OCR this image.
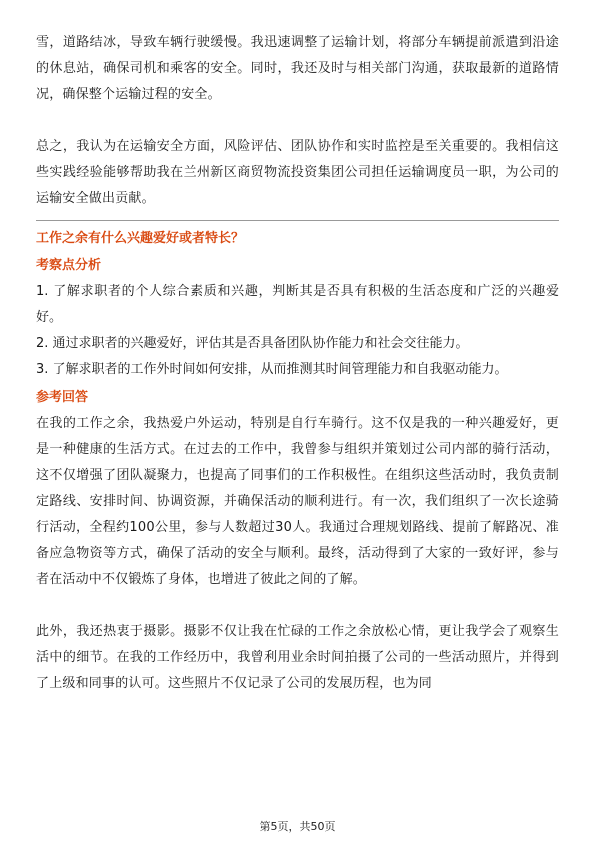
雪，道路结冰，导致车辆行驶缓慢。我迅速调整了运输计划，将部分车辆提前派遣到沿途的休息站，确保司机和乘客的安全。同时，我还及时与相关部门沟通，获取最新的道路情况，确保整个运输过程的安全。

总之，我认为在运输安全方面，风险评估、团队协作和实时监控是至关重要的。我相信这些实践经验能够帮助我在兰州新区商贸物流投资集团公司担任运输调度员一职，为公司的运输安全做出贡献。

工作之余有什么兴趣爱好或者特长？
考察点分析
1. 了解求职者的个人综合素质和兴趣，判断其是否具有积极的生活态度和广泛的兴趣爱好。
2. 通过求职者的兴趣爱好，评估其是否具备团队协作能力和社会交往能力。
3. 了解求职者的工作外时间如何安排，从而推测其时间管理能力和自我驱动能力。
参考回答

在我的工作之余，我热爱户外运动，特别是自行车骑行。这不仅是我的一种兴趣爱好，更是一种健康的生活方式。在过去的工作中，我曾参与组织并策划过公司内部的骑行活动，这不仅增强了团队凝聚力，也提高了同事们的工作积极性。在组织这些活动时，我负责制定路线、安排时间、协调资源，并确保活动的顺利进行。有一次，我们组织了一次长途骑行活动，全程约100公里，参与人数超过30人。我通过合理规划路线、提前了解路况、准备应急物资等方式，确保了活动的安全与顺利。最终，活动得到了大家的一致好评，参与者在活动中不仅锻炼了身体，也增进了彼此之间的了解。

此外，我还热衷于摄影。摄影不仅让我在忙碌的工作之余放松心情，更让我学会了观察生活中的细节。在我的工作经历中，我曾利用业余时间拍摄了公司的一些活动照片，并得到了上级和同事的认可。这些照片不仅记录了公司的发展历程，也为同

第5页，共50页
